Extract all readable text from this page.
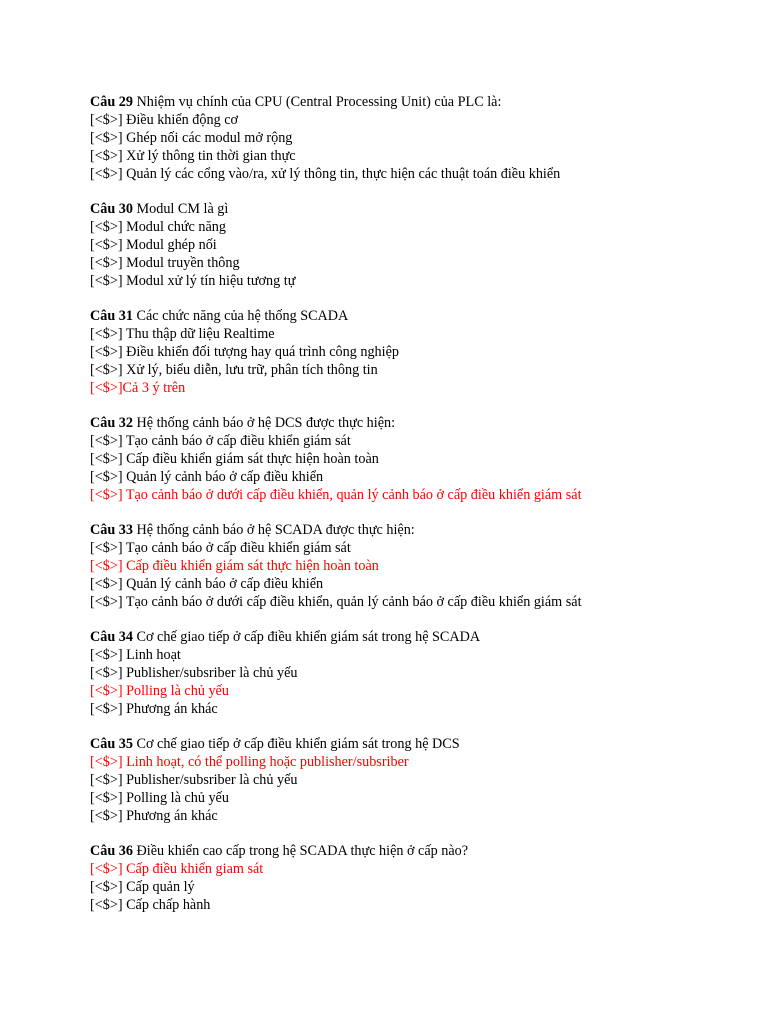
Câu 29 Nhiệm vụ chính của CPU (Central Processing Unit) của PLC là:
[<$>] Điều khiển động cơ
[<$>] Ghép nối các modul mở rộng
[<$>] Xử lý thông tin thời gian thực
[<$>] Quản lý các cổng vào/ra, xử lý thông tin, thực hiện các thuật toán điều khiển
Câu 30 Modul CM là gì
[<$>] Modul chức năng
[<$>] Modul ghép nối
[<$>] Modul truyền thông
[<$>] Modul xử lý tín hiệu tương tự
Câu 31 Các chức năng của hệ thống SCADA
[<$>] Thu thập dữ liệu Realtime
[<$>] Điều khiển đối tượng hay quá trình công nghiệp
[<$>] Xử lý, biểu diễn, lưu trữ, phân tích thông tin
[<$>]Cả 3 ý trên
Câu 32 Hệ thống cảnh báo ở hệ DCS được thực hiện:
[<$>] Tạo cảnh báo ở cấp điều khiển giám sát
[<$>] Cấp điều khiển giám sát thực hiện hoàn toàn
[<$>] Quản lý cảnh báo ở cấp điều khiển
[<$>] Tạo cảnh báo ở dưới cấp điều khiển, quản lý cảnh báo ở cấp điều khiển giám sát
Câu 33 Hệ thống cảnh báo ở hệ SCADA được thực hiện:
[<$>] Tạo cảnh báo ở cấp điều khiển giám sát
[<$>] Cấp điều khiển giám sát thực hiện hoàn toàn
[<$>] Quản lý cảnh báo ở cấp điều khiển
[<$>] Tạo cảnh báo ở dưới cấp điều khiển, quản lý cảnh báo ở cấp điều khiển giám sát
Câu 34 Cơ chế giao tiếp ở cấp điều khiển giám sát trong hệ SCADA
[<$>] Linh hoạt
[<$>] Publisher/subsriber là chủ yếu
[<$>] Polling là chủ yếu
[<$>] Phương án khác
Câu 35 Cơ chế giao tiếp ở cấp điều khiển giám sát trong hệ DCS
[<$>] Linh hoạt, có thể polling hoặc publisher/subsriber
[<$>] Publisher/subsriber là chủ yếu
[<$>] Polling là chủ yếu
[<$>] Phương án khác
Câu 36 Điều khiển cao cấp trong hệ SCADA thực hiện ở cấp nào?
[<$>] Cấp điều khiển giam sát
[<$>] Cấp quản lý
[<$>] Cấp chấp hành
